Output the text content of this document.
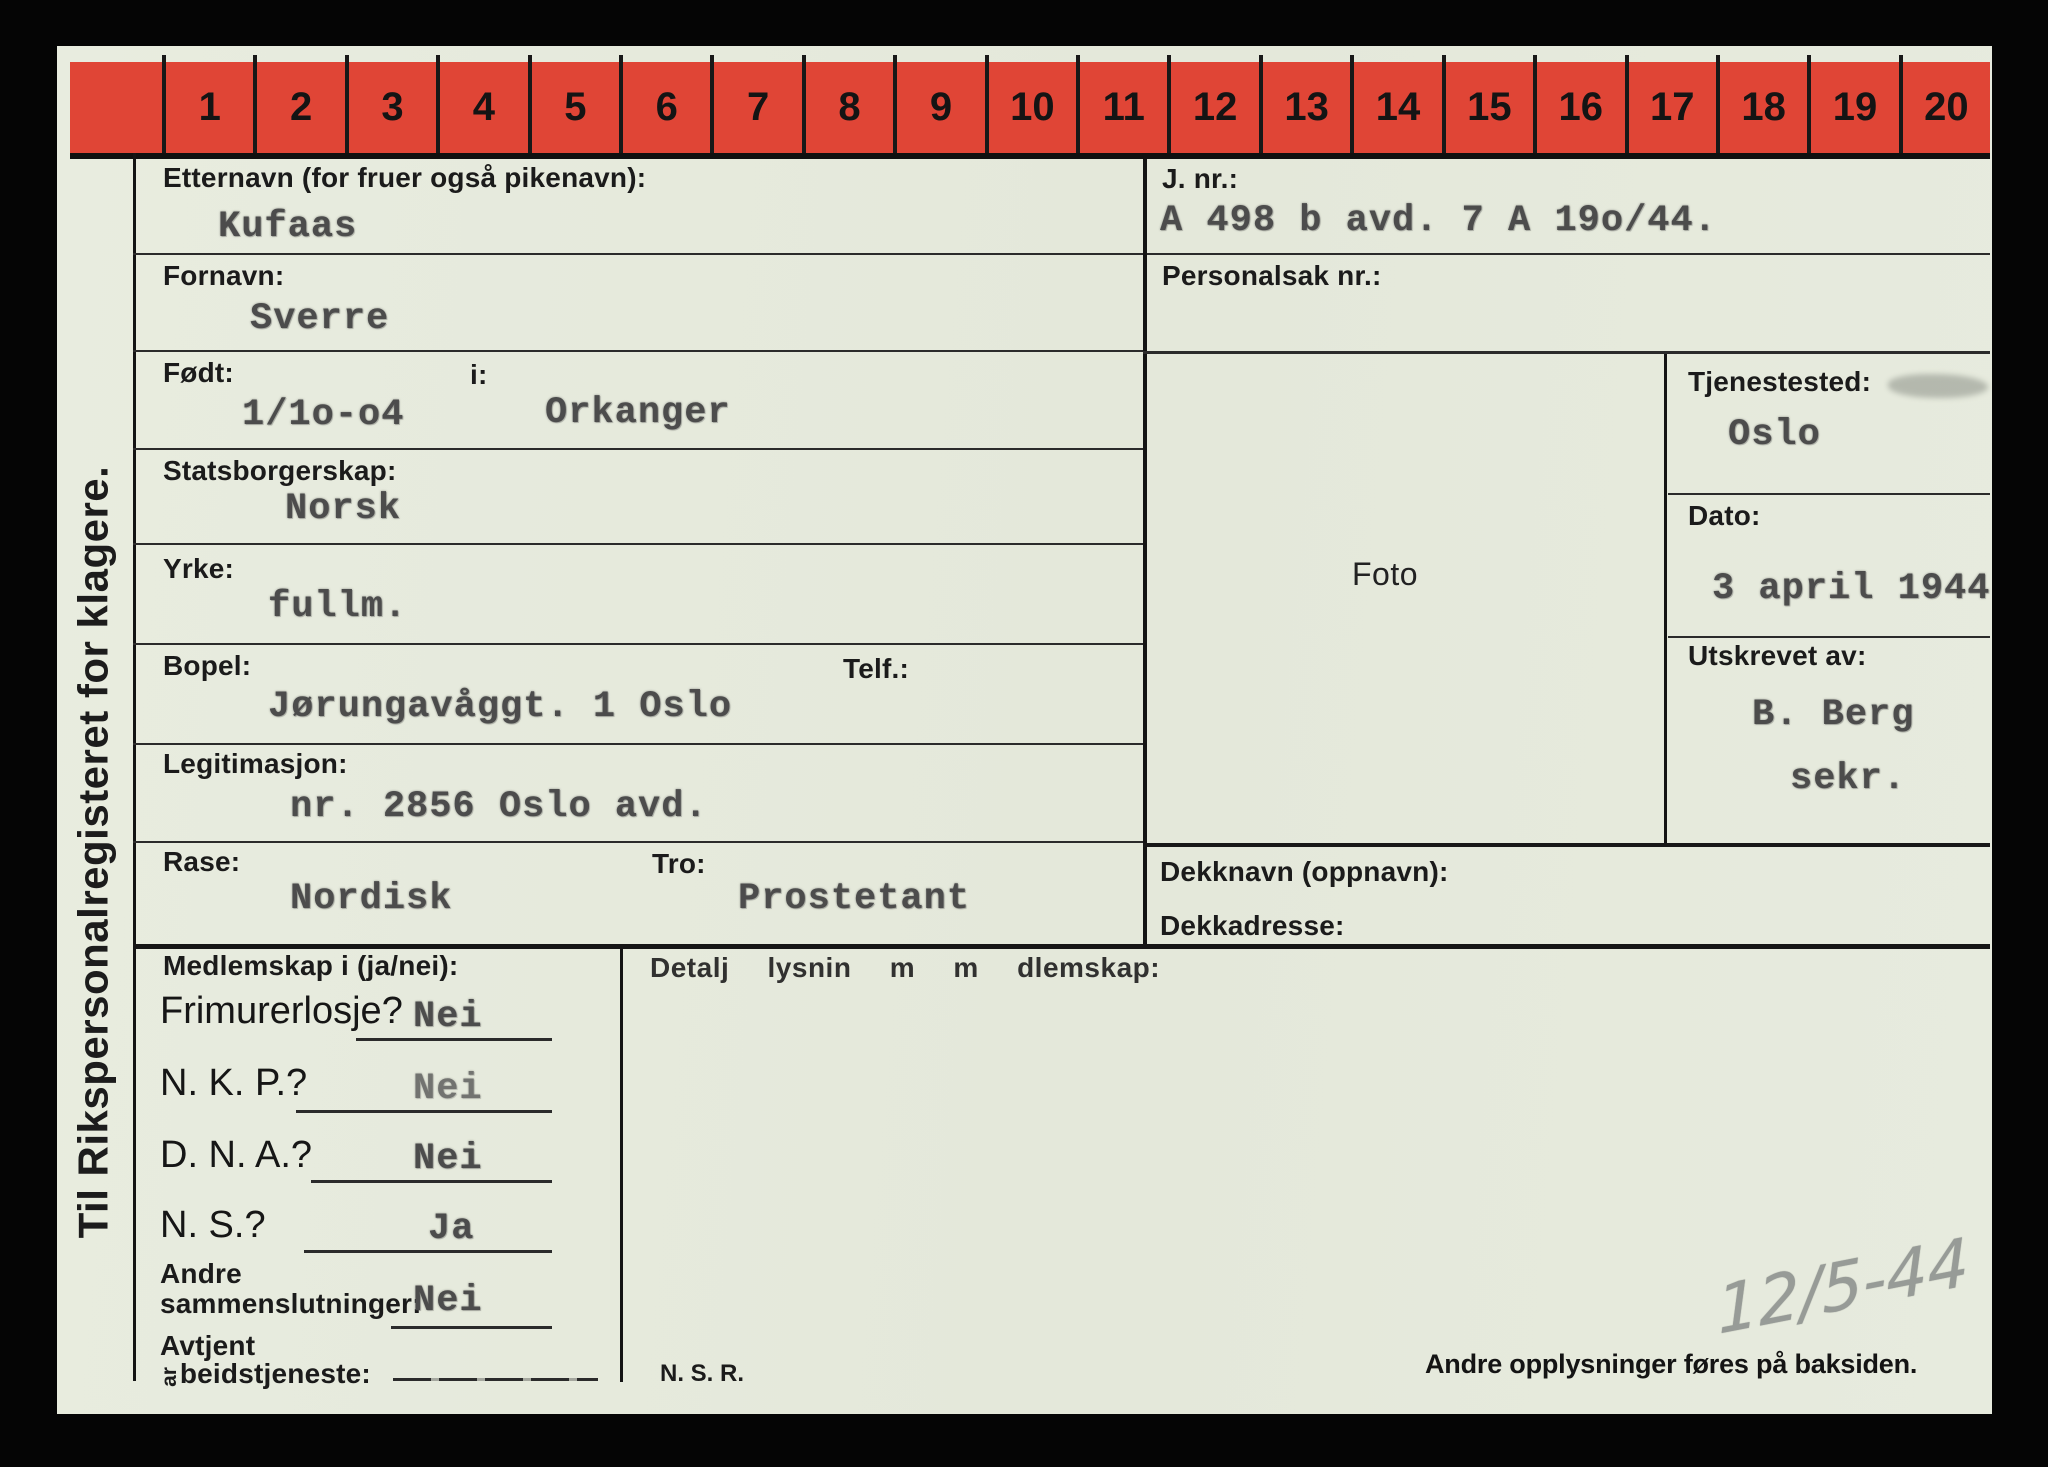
1	2	3	4	5	6	7	8	9	10	11	12	13	14	15	16	17	18	19	20
Til Rikspersonalregisteret for klagere.
Etternavn (for fruer også pikenavn):
Kufaas
Fornavn:
Sverre
Født:	i:
1/1o-o4	Orkanger
Statsborgerskap:
Norsk
Yrke:
fullm.
Bopel:	Telf.:
Jørungavåggt. 1 Oslo
Legitimasjon:
nr. 2856 Oslo avd.
Rase:	Tro:
Nordisk	Prostetant
J. nr.:
A 498 b avd. 7 A 19o/44.
Personalsak nr.:
Tjenestested:
Oslo
Dato:
3 april 1944
Utskrevet av:
B. Berg
sekr.
Foto
Dekknavn (oppnavn):
Dekkadresse:
Medlemskap i (ja/nei):
Frimurerlosje? Nei
N. K. P.?	Nei
D. N. A.?	Nei
N. S.?	Ja
Andre
sammenslutninger:
Nei
Avtjent
arbeidstjeneste:
Detalj lysnin m m dlemskap:
N. S. R.	Andre opplysninger føres på baksiden.
12/5-44
